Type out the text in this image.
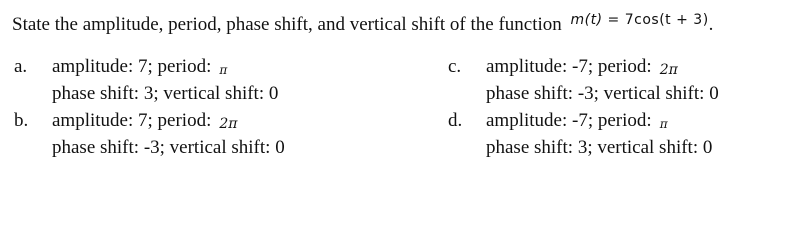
State the amplitude, period, phase shift, and vertical shift of the function $^{m(t) = 7cos(t + 3)}$.
a. amplitude: 7; period: π
phase shift: 3; vertical shift: 0
b. amplitude: 7; period: 2π
phase shift: -3; vertical shift: 0
c. amplitude: -7; period: 2π
phase shift: -3; vertical shift: 0
d. amplitude: -7; period: π
phase shift: 3; vertical shift: 0
